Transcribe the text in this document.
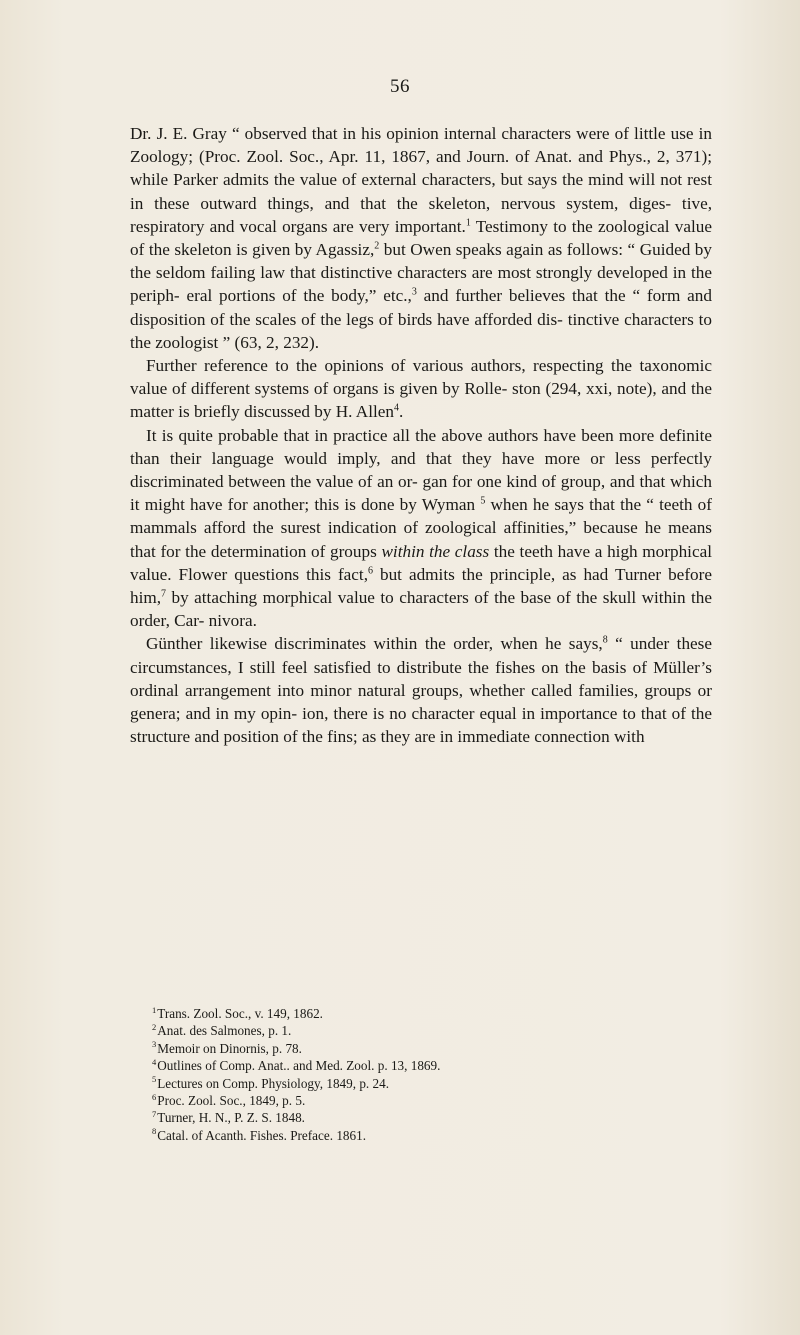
56

Dr. J. E. Gray “ observed that in his opinion internal characters were of little use in Zoology; (Proc. Zool. Soc., Apr. 11, 1867, and Journ. of Anat. and Phys., 2, 371); while Parker admits the value of external characters, but says the mind will not rest in these outward things, and that the skeleton, nervous system, diges- tive, respiratory and vocal organs are very important.$^1$ Testimony to the zoological value of the skeleton is given by Agassiz,$^2$ but Owen speaks again as follows: “ Guided by the seldom failing law that distinctive characters are most strongly developed in the periph- eral portions of the body,” etc.,$^3$ and further believes that the “ form and disposition of the scales of the legs of birds have afforded dis- tinctive characters to the zoologist ” (63, 2, 232).

Further reference to the opinions of various authors, respecting the taxonomic value of different systems of organs is given by Rolle- ston (294, xxi, note), and the matter is briefly discussed by H. Allen$^4$.

It is quite probable that in practice all the above authors have been more definite than their language would imply, and that they have more or less perfectly discriminated between the value of an or- gan for one kind of group, and that which it might have for another; this is done by Wyman $^5$ when he says that the “ teeth of mammals afford the surest indication of zoological affinities,” because he means that for the determination of groups within the class the teeth have a high morphical value. Flower questions this fact,$^6$ but admits the principle, as had Turner before him,$^7$ by attaching morphical value to characters of the base of the skull within the order, Car- nivora.

Günther likewise discriminates within the order, when he says,$^8$ “ under these circumstances, I still feel satisfied to distribute the fishes on the basis of Müller’s ordinal arrangement into minor natural groups, whether called families, groups or genera; and in my opin- ion, there is no character equal in importance to that of the structure and position of the fins; as they are in immediate connection with

$^1$Trans. Zool. Soc., v. 149, 1862.
$^2$Anat. des Salmones, p. 1.
$^3$Memoir on Dinornis, p. 78.
$^4$Outlines of Comp. Anat.. and Med. Zool. p. 13, 1869.
$^5$Lectures on Comp. Physiology, 1849, p. 24.
$^6$Proc. Zool. Soc., 1849, p. 5.
$^7$Turner, H. N., P. Z. S. 1848.
$^8$Catal. of Acanth. Fishes. Preface. 1861.
